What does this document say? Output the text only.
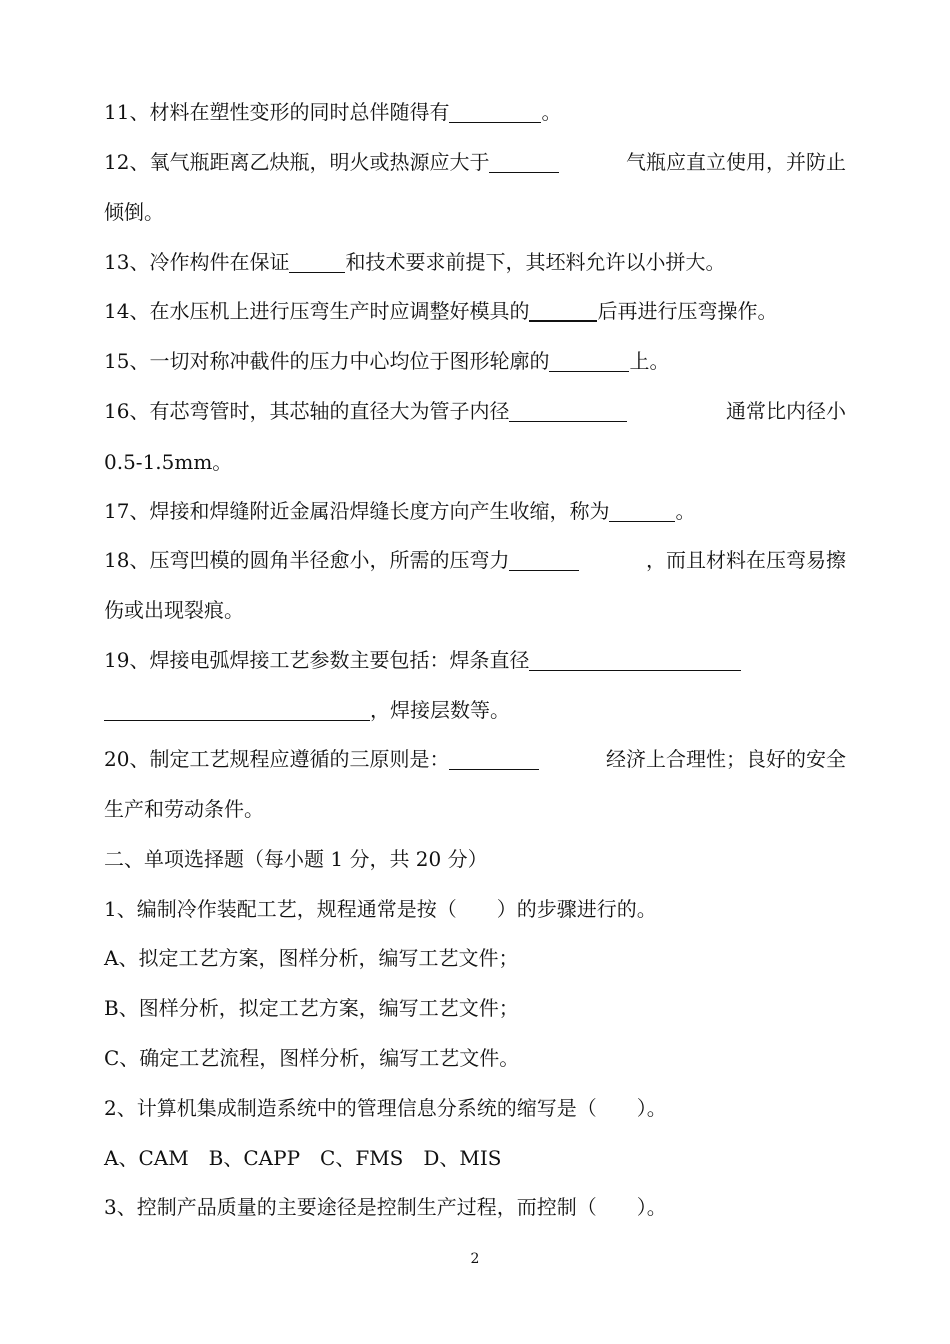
11、材料在塑性变形的同时总伴随得有	。
12、氧气瓶距离乙炔瓶，明火或热源应大于	气瓶应直立使用，并防止
倾倒。
13、冷作构件在保证	和技术要求前提下，其坯料允许以小拼大。
14、在水压机上进行压弯生产时应调整好模具的	后再进行压弯操作。
15、一切对称冲截件的压力中心均位于图形轮廓的	上。
16、有芯弯管时，其芯轴的直径大为管子内径	通常比内径小
0.5-1.5mm。
17、焊接和焊缝附近金属沿焊缝长度方向产生收缩，称为	。
18、压弯凹模的圆角半径愈小，所需的压弯力	，而且材料在压弯易擦
伤或出现裂痕。
19、焊接电弧焊接工艺参数主要包括：焊条直径
，焊接层数等。
20、制定工艺规程应遵循的三原则是：	经济上合理性；良好的安全
生产和劳动条件。
二、单项选择题（每小题 1 分，共 20 分）
1、编制冷作装配工艺，规程通常是按（　　）的步骤进行的。
A、拟定工艺方案，图样分析，编写工艺文件；
B、图样分析，拟定工艺方案，编写工艺文件；
C、确定工艺流程，图样分析，编写工艺文件。
2、计算机集成制造系统中的管理信息分系统的缩写是（　　）。
A、CAM　B、CAPP　C、FMS　D、MIS
3、控制产品质量的主要途径是控制生产过程，而控制（　　）。
2
